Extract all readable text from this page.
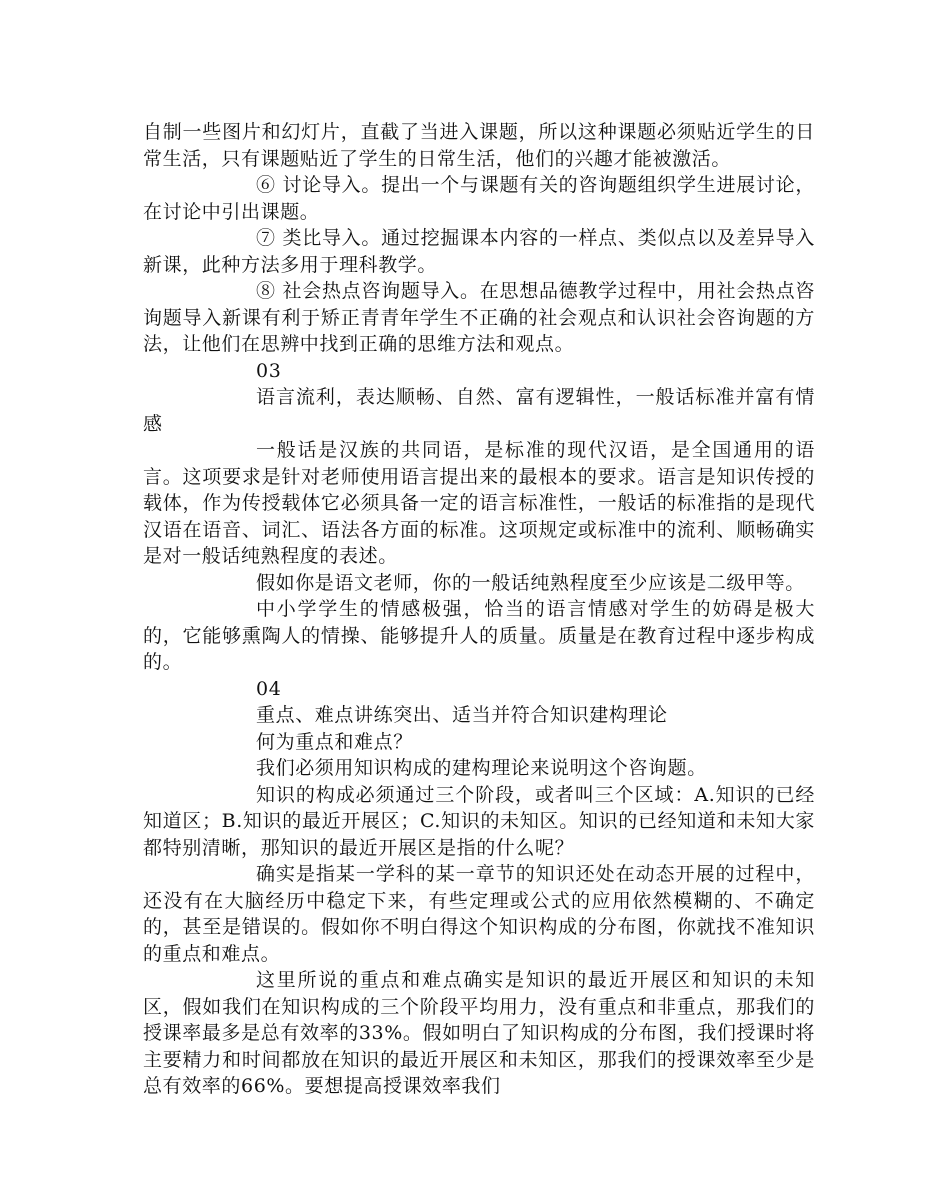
自制一些图片和幻灯片，直截了当进入课题，所以这种课题必须贴近学生的日常生活，只有课题贴近了学生的日常生活，他们的兴趣才能被激活。

⑥ 讨论导入。提出一个与课题有关的咨询题组织学生进展讨论，在讨论中引出课题。

⑦ 类比导入。通过挖掘课本内容的一样点、类似点以及差异导入新课，此种方法多用于理科教学。

⑧ 社会热点咨询题导入。在思想品德教学过程中，用社会热点咨询题导入新课有利于矫正青青年学生不正确的社会观点和认识社会咨询题的方法，让他们在思辨中找到正确的思维方法和观点。

03

语言流利，表达顺畅、自然、富有逻辑性，一般话标准并富有情感

一般话是汉族的共同语，是标准的现代汉语，是全国通用的语言。这项要求是针对老师使用语言提出来的最根本的要求。语言是知识传授的载体，作为传授载体它必须具备一定的语言标准性，一般话的标准指的是现代汉语在语音、词汇、语法各方面的标准。这项规定或标准中的流利、顺畅确实是对一般话纯熟程度的表述。

假如你是语文老师，你的一般话纯熟程度至少应该是二级甲等。

中小学学生的情感极强，恰当的语言情感对学生的妨碍是极大的，它能够熏陶人的情操、能够提升人的质量。质量是在教育过程中逐步构成的。

04

重点、难点讲练突出、适当并符合知识建构理论

何为重点和难点？

我们必须用知识构成的建构理论来说明这个咨询题。

知识的构成必须通过三个阶段，或者叫三个区域：A.知识的已经知道区；B.知识的最近开展区；C.知识的未知区。知识的已经知道和未知大家都特别清晰，那知识的最近开展区是指的什么呢？

确实是指某一学科的某一章节的知识还处在动态开展的过程中，还没有在大脑经历中稳定下来，有些定理或公式的应用依然模糊的、不确定的，甚至是错误的。假如你不明白得这个知识构成的分布图，你就找不准知识的重点和难点。

这里所说的重点和难点确实是知识的最近开展区和知识的未知区，假如我们在知识构成的三个阶段平均用力，没有重点和非重点，那我们的授课率最多是总有效率的33%。假如明白了知识构成的分布图，我们授课时将主要精力和时间都放在知识的最近开展区和未知区，那我们的授课效率至少是总有效率的66%。要想提高授课效率我们
